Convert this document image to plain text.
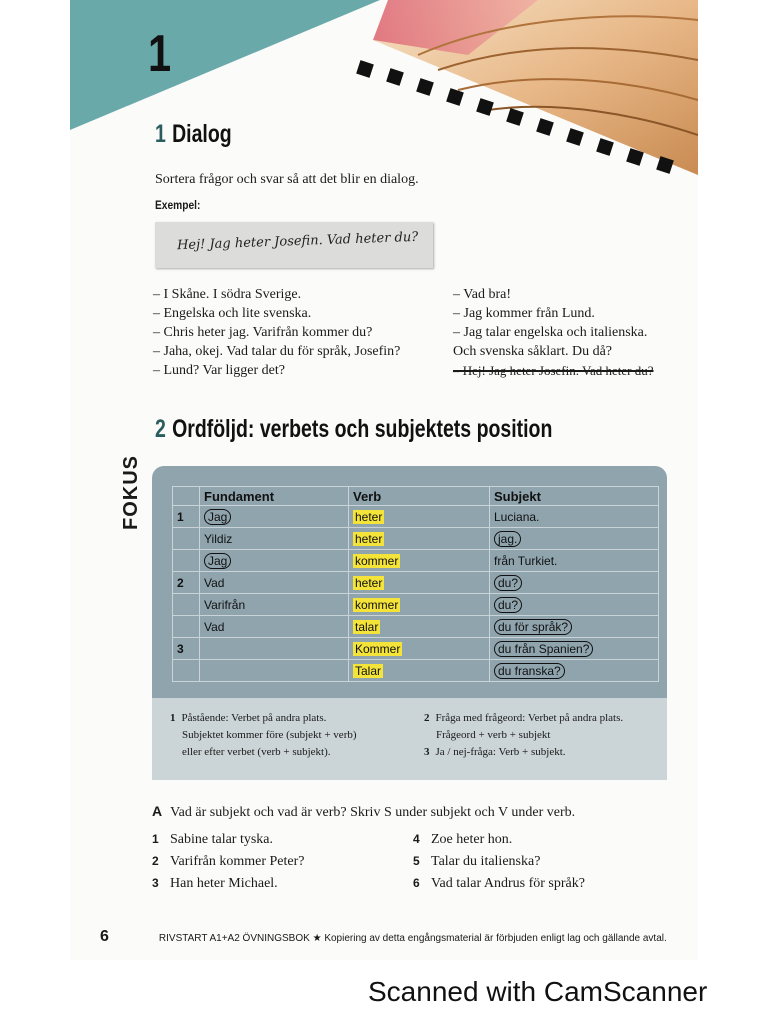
1
1 Dialog
Sortera frågor och svar så att det blir en dialog.
Exempel:
Hej! Jag heter Josefin. Vad heter du?
– I Skåne. I södra Sverige.
– Engelska och lite svenska.
– Chris heter jag. Varifrån kommer du?
– Jaha, okej. Vad talar du för språk, Josefin?
– Lund? Var ligger det?
– Vad bra!
– Jag kommer från Lund.
– Jag talar engelska och italienska.
Och svenska såklart. Du då?
– Hej! Jag heter Josefin. Vad heter du?
2 Ordföljd: verbets och subjektets position
FOKUS
		Fundament	Verb	Subjekt
1	Jag	heter	Luciana.
	Yildiz	heter	jag.
	Jag	kommer	från Turkiet.
2	Vad	heter	du?
	Varifrån	kommer	du?
	Vad	talar	du för språk?
3		Kommer	du från Spanien?
		Talar	du franska?
1 Påstående: Verbet på andra plats.
Subjektet kommer före (subjekt + verb)
eller efter verbet (verb + subjekt).
2 Fråga med frågeord: Verbet på andra plats.
Frågeord + verb + subjekt
3 Ja / nej-fråga: Verb + subjekt.
A Vad är subjekt och vad är verb? Skriv S under subjekt och V under verb.
1 Sabine talar tyska.
2 Varifrån kommer Peter?
3 Han heter Michael.
4 Zoe heter hon.
5 Talar du italienska?
6 Vad talar Andrus för språk?
6	RIVSTART A1+A2 ÖVNINGSBOK ★ Kopiering av detta engångsmaterial är förbjuden enligt lag och gällande avtal.
Scanned with CamScanner
